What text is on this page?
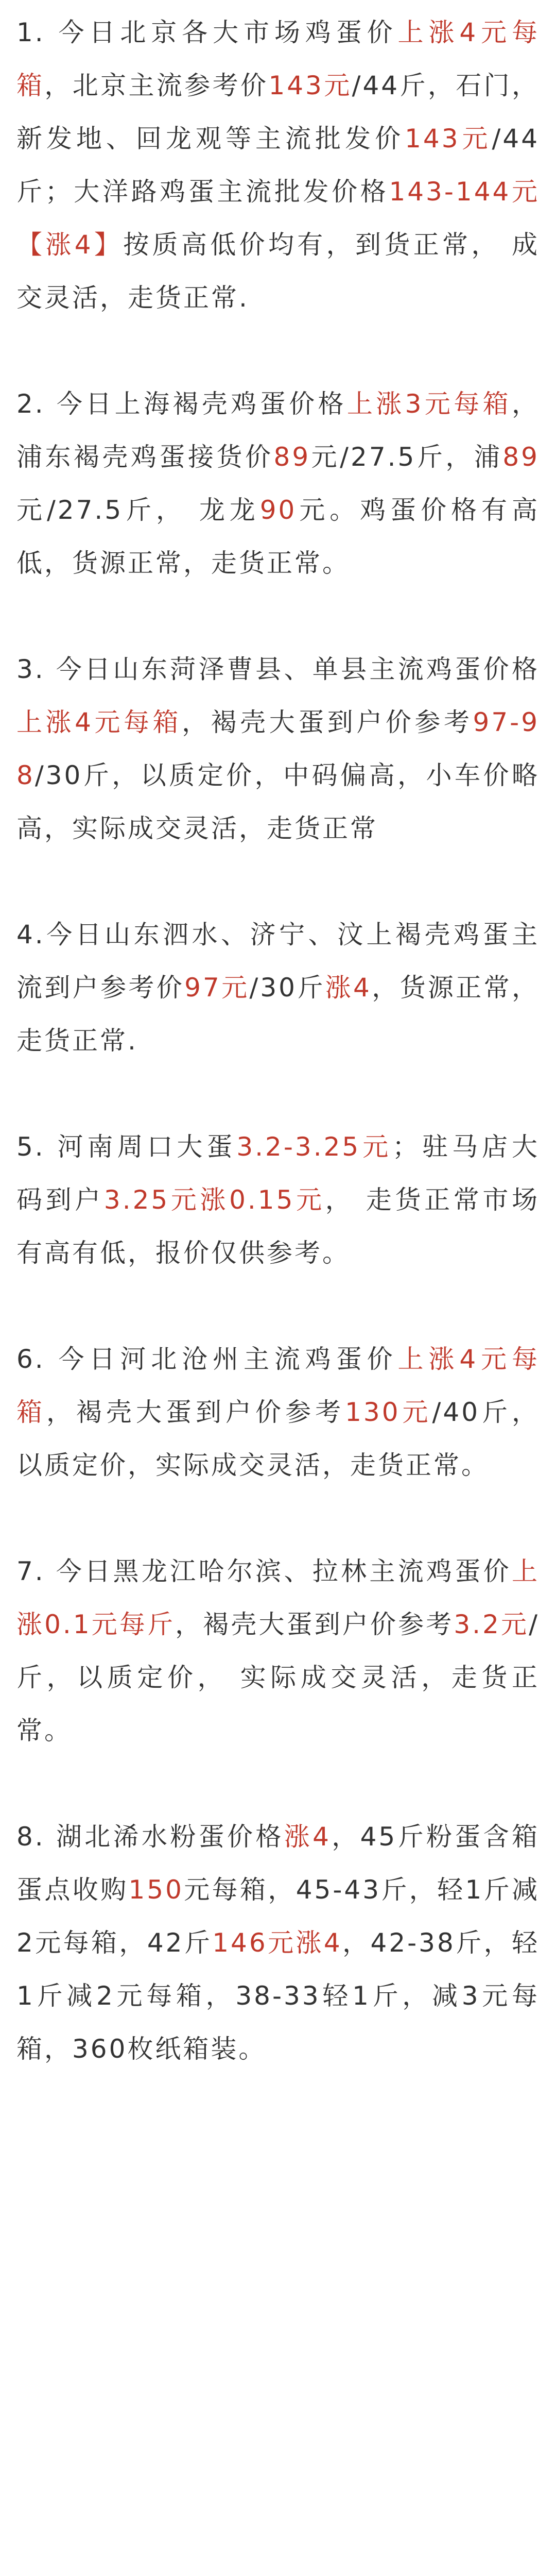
1. 今日北京各大市场鸡蛋价上涨4元每箱，北京主流参考价143元/44斤，石门，新发地、回龙观等主流批发价143元/44斤；大洋路鸡蛋主流批发价格143-144元【涨4】按质高低价均有，到货正常， 成交灵活，走货正常.

2. 今日上海褐壳鸡蛋价格上涨3元每箱，浦东褐壳鸡蛋接货价89元/27.5斤，浦89元/27.5斤， 龙龙90元。鸡蛋价格有高低，货源正常，走货正常。

3. 今日山东菏泽曹县、单县主流鸡蛋价格上涨4元每箱，褐壳大蛋到户价参考97-98/30斤，以质定价，中码偏高，小车价略高，实际成交灵活，走货正常

4.今日山东泗水、济宁、汶上褐壳鸡蛋主流到户参考价97元/30斤涨4，货源正常，走货正常.

5. 河南周口大蛋3.2-3.25元；驻马店大码到户3.25元涨0.15元， 走货正常市场有高有低，报价仅供参考。

6. 今日河北沧州主流鸡蛋价上涨4元每箱，褐壳大蛋到户价参考130元/40斤， 以质定价，实际成交灵活，走货正常。

7. 今日黑龙江哈尔滨、拉林主流鸡蛋价上涨0.1元每斤，褐壳大蛋到户价参考3.2元/斤，以质定价， 实际成交灵活，走货正常。

8. 湖北浠水粉蛋价格涨4，45斤粉蛋含箱蛋点收购150元每箱，45-43斤，轻1斤减2元每箱，42斤146元涨4，42-38斤，轻1斤减2元每箱，38-33轻1斤，减3元每箱，360枚纸箱装。
